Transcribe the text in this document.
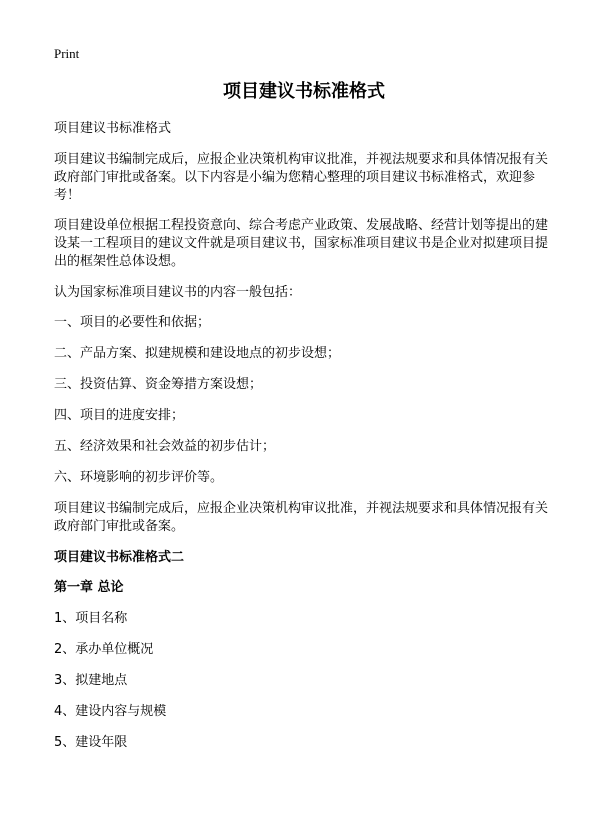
Print
项目建议书标准格式

项目建议书标准格式

项目建议书编制完成后，应报企业决策机构审议批准，并视法规要求和具体情况报有关政府部门审批或备案。以下内容是小编为您精心整理的项目建议书标准格式，欢迎参考！

项目建设单位根据工程投资意向、综合考虑产业政策、发展战略、经营计划等提出的建设某一工程项目的建议文件就是项目建议书，国家标准项目建议书是企业对拟建项目提出的框架性总体设想。

认为国家标准项目建议书的内容一般包括：

一、项目的必要性和依据；

二、产品方案、拟建规模和建设地点的初步设想；

三、投资估算、资金筹措方案设想；

四、项目的进度安排；

五、经济效果和社会效益的初步估计；

六、环境影响的初步评价等。

项目建议书编制完成后，应报企业决策机构审议批准，并视法规要求和具体情况报有关政府部门审批或备案。

项目建议书标准格式二

第一章 总论

1、项目名称

2、承办单位概况

3、拟建地点

4、建设内容与规模

5、建设年限
